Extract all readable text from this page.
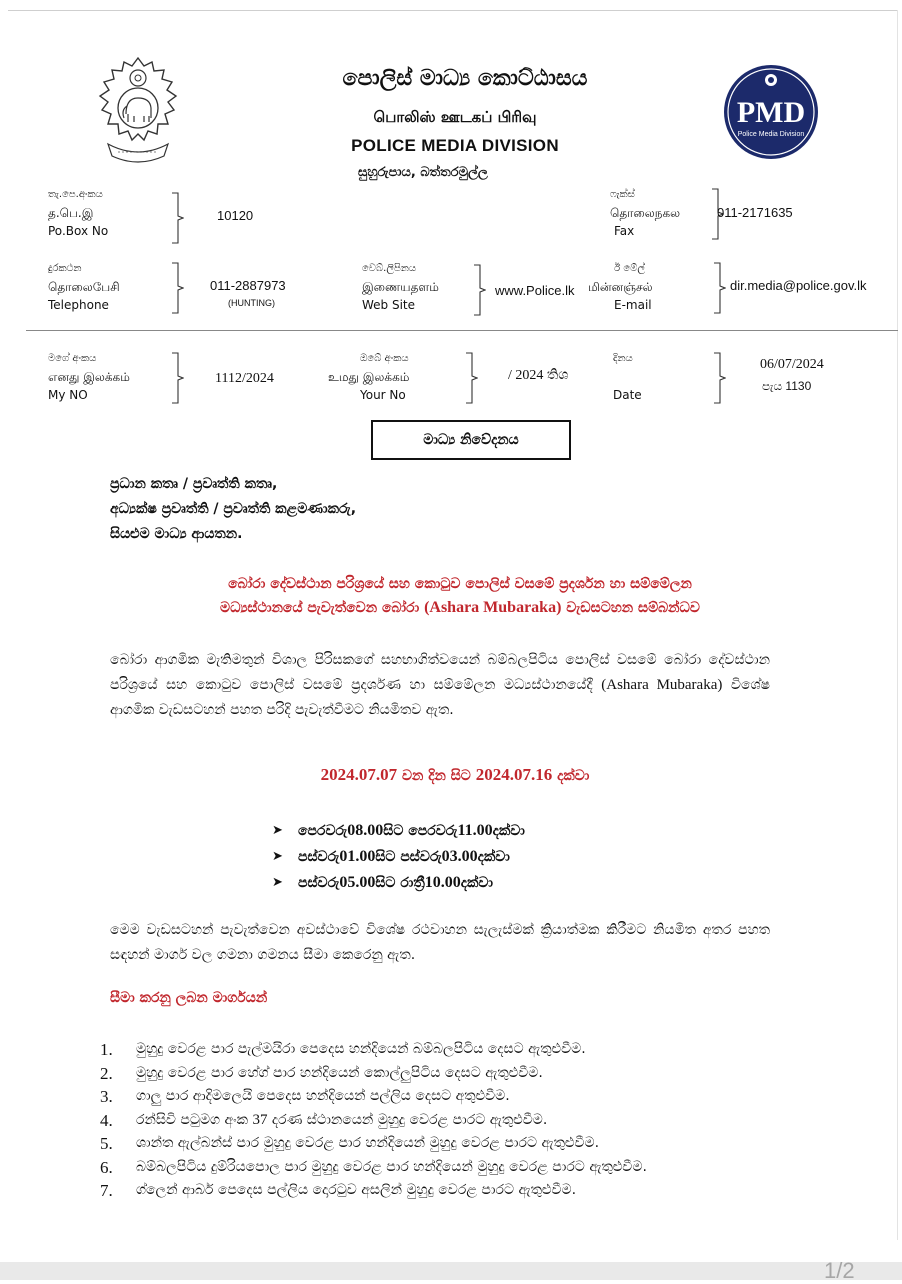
පොලිස් මාධ්‍ය කොට්ඨාසය
பொலிஸ் ஊடகப் பிரிவு
POLICE MEDIA DIVISION
සුහුරුපාය, බත්තරමුල්ල
PMD
Police Media Division
තැ.පෙ.අංකය
த.பெ.இ
Po.Box No
10120
ෆැක්ස්
தொலைநகல
Fax
011-2171635
දුරකථන
தொலைபேசி
Telephone
011-2887973
(HUNTING)
වෙබ්.ලිපිනය
இணையதளம்
Web Site
www.Police.lk
ඊ මේල්
மின்னஞ்சல்
E-mail
dir.media@police.gov.lk
මගේ අංකය
எனது இலக்கம்
My NO
1112/2024
ඔබේ අංකය
உமது இலக்கம்
Your No
/ 2024 තිශ
දිනය

Date
06/07/2024
පැය 1130
මාධ්‍ය නිවේදනය
ප්‍රධාන කතෘ / ප්‍රවෘත්ති කතෘ,
අධ්‍යක්ෂ ප්‍රවෘත්ති / ප්‍රවෘත්ති කළමණාකරු,
සියළුම මාධ්‍ය ආයතන.
බෝරා දේවස්ථාන පරිශ්‍රයේ සහ කොටුව පොලිස් වසමේ ප්‍රදර්ශන හා සම්මේලන
මධ්‍යස්ථානයේ පැවැත්වෙන බෝරා (Ashara Mubaraka) වැඩසටහන සම්බන්ධව
බෝරා ආගමික මැතිමතුන් විශාල පිරිසකගේ සහභාගිත්වයෙන් බම්බලපිටිය පොලිස් වසමේ බෝරා දේවස්ථාන පරිශ්‍රයේ සහ කොටුව පොලිස් වසමේ ප්‍රදර්ශණ හා සම්මේලන මධ්‍යස්ථානයේදී (Ashara Mubaraka) විශේෂ ආගමික වැඩසටහන් පහත පරිදි පැවැත්වීමට නියමිතව ඇත.
2024.07.07 වන දින සිට 2024.07.16 දක්වා
➤	පෙරවරු 08.00 සිට පෙරවරු 11.00 දක්වා
➤	පස්වරු 01.00 සිට පස්වරු 03.00 දක්වා
➤	පස්වරු 05.00 සිට රාත්‍රී 10.00 දක්වා
මෙම වැඩසටහන් පැවැත්වෙන අවස්ථාවේ විශේෂ රථවාහන සැලැස්මක් ක්‍රියාත්මක කිරීමට නියමිත අතර පහත සඳහන් මාර්ග වල ගමනා ගමනය සීමා කෙරෙනු ඇත.
සීමා කරනු ලබන මාර්ගයන්
1.	මුහුදු වෙරළ පාර පැල්මයිරා පෙදෙස හන්දියෙන් බම්බලපිටිය දෙසට ඇතුළුවීම.
2.	මුහුදු වෙරළ පාර හේග් පාර හන්දියෙන් කොල්ලුපිටිය දෙසට ඇතුළුවීම.
3.	ගාලු පාර ආදිමලෙයි පෙදෙස හන්දියෙන් පල්ලිය දෙසට අතුළුවීම.
4.	රන්සිවි පටුමග අංක 37 දරණ ස්ථානයෙන් මුහුදු වෙරළ පාරට ඇතුළුවීම.
5.	ශාන්ත ඇල්බන්ස් පාර මුහුදු වෙරළ පාර හන්දියෙන් මුහුදු වෙරළ පාරට ඇතුළුවීම.
6.	බම්බලපිටිය දුම්රියපොල පාර මුහුදු වෙරළ පාර හන්දියෙන් මුහුදු වෙරළ පාරට ඇතුළුවීම.
7.	ග්ලෙන් ආබර් පෙදෙස පල්ලිය දොරටුව අසලින් මුහුදු වෙරළ පාරට ඇතුළුවීම.
1/2
